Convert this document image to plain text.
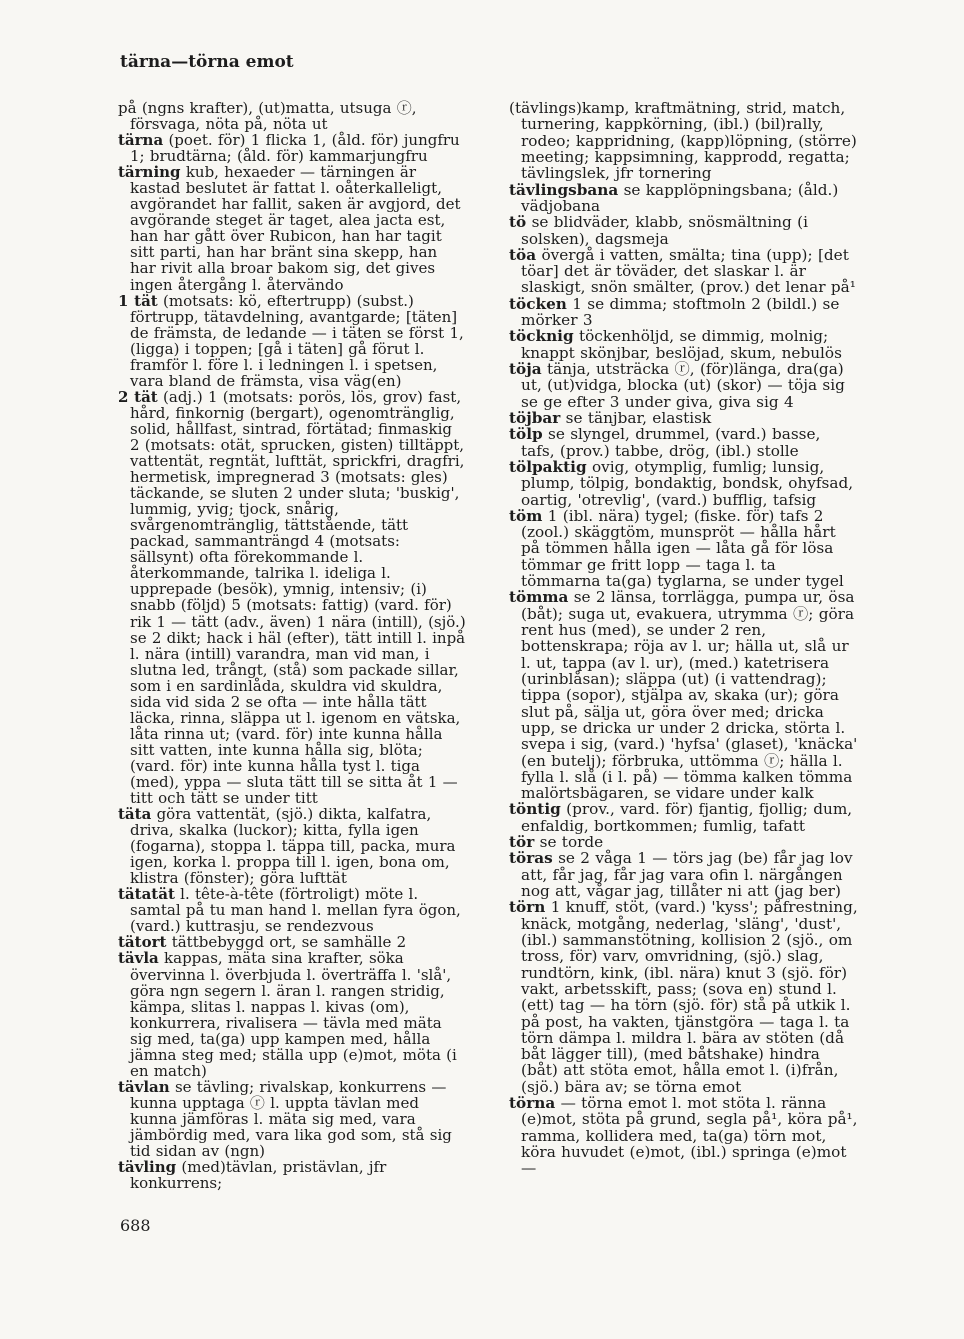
tärna—törna emot

på (ngns krafter), (ut)matta, utsuga ⓡ, försvaga, nöta på, nöta ut

tärna (poet. för) 1 flicka 1, (åld. för) jungfru 1; brudtärna; (åld. för) kammarjungfru

tärning kub, hexaeder — tärningen är kastad beslutet är fattat l. oåterkalleligt, avgörandet har fallit, saken är avgjord, det avgörande steget är taget, alea jacta est, han har gått över Rubicon, han har tagit sitt parti, han har bränt sina skepp, han har rivit alla broar bakom sig, det gives ingen återgång l. återvändo

1 tät (motsats: kö, eftertrupp) (subst.) förtrupp, tätavdelning, avantgarde; [täten] de främsta, de ledande — i täten se först 1, (ligga) i toppen; [gå i täten] gå förut l. framför l. före l. i ledningen l. i spetsen, vara bland de främsta, visa väg(en)

2 tät (adj.) 1 (motsats: porös, lös, grov) fast, hård, finkornig (bergart), ogenomtränglig, solid, hållfast, sintrad, förtätad; finmaskig 2 (motsats: otät, sprucken, gisten) tilltäppt, vattentät, regntät, lufttät, sprickfri, dragfri, hermetisk, impregnerad 3 (motsats: gles) täckande, se sluten 2 under sluta; 'buskig', lummig, yvig; tjock, snårig, svårgenomtränglig, tättstående, tätt packad, sammanträngd 4 (motsats: sällsynt) ofta förekommande l. återkommande, talrika l. ideliga l. upprepade (besök), ymnig, intensiv; (i) snabb (följd) 5 (motsats: fattig) (vard. för) rik 1 — tätt (adv., även) 1 nära (intill), (sjö.) se 2 dikt; hack i häl (efter), tätt intill l. inpå l. nära (intill) varandra, man vid man, i slutna led, trångt, (stå) som packade sillar, som i en sardinlåda, skuldra vid skuldra, sida vid sida 2 se ofta — inte hålla tätt läcka, rinna, släppa ut l. igenom en vätska, låta rinna ut; (vard. för) inte kunna hålla sitt vatten, inte kunna hålla sig, blöta; (vard. för) inte kunna hålla tyst l. tiga (med), yppa — sluta tätt till se sitta åt 1 — titt och tätt se under titt

täta göra vattentät, (sjö.) dikta, kalfatra, driva, skalka (luckor); kitta, fylla igen (fogarna), stoppa l. täppa till, packa, mura igen, korka l. proppa till l. igen, bona om, klistra (fönster); göra lufttät

tätatät l. tête-à-tête (förtroligt) möte l. samtal på tu man hand l. mellan fyra ögon, (vard.) kuttrasju, se rendezvous

tätort tättbebyggd ort, se samhälle 2

tävla kappas, mäta sina krafter, söka övervinna l. överbjuda l. överträffa l. 'slå', göra ngn segern l. äran l. rangen stridig, kämpa, slitas l. nappas l. kivas (om), konkurrera, rivalisera — tävla med mäta sig med, ta(ga) upp kampen med, hålla jämna steg med; ställa upp (e)mot, möta (i en match)

tävlan se tävling; rivalskap, konkurrens — kunna upptaga ⓡ l. uppta tävlan med kunna jämföras l. mäta sig med, vara jämbördig med, vara lika god som, stå sig tid sidan av (ngn)

tävling (med)tävlan, pristävlan, jfr konkurrens;

(tävlings)kamp, kraftmätning, strid, match, turnering, kappkörning, (ibl.) (bil)rally, rodeo; kappridning, (kapp)löpning, (större) meeting; kappsimning, kapprodd, regatta; tävlingslek, jfr tornering

tävlingsbana se kapplöpningsbana; (åld.) vädjobana

tö se blidväder, klabb, snösmältning (i solsken), dagsmeja

töa övergå i vatten, smälta; tina (upp); [det töar] det är töväder, det slaskar l. är slaskigt, snön smälter, (prov.) det lenar på¹

töcken 1 se dimma; stoftmoln 2 (bildl.) se mörker 3

töcknig töckenhöljd, se dimmig, molnig; knappt skönjbar, beslöjad, skum, nebulös

töja tänja, utsträcka ⓡ, (för)länga, dra(ga) ut, (ut)vidga, blocka (ut) (skor) — töja sig se ge efter 3 under giva, giva sig 4

töjbar se tänjbar, elastisk

tölp se slyngel, drummel, (vard.) basse, tafs, (prov.) tabbe, drög, (ibl.) stolle

tölpaktig ovig, otymplig, fumlig; lunsig, plump, tölpig, bondaktig, bondsk, ohyfsad, oartig, 'otrevlig', (vard.) bufflig, tafsig

töm 1 (ibl. nära) tygel; (fiske. för) tafs 2 (zool.) skäggtöm, munspröt — hålla hårt på tömmen hålla igen — låta gå för lösa tömmar ge fritt lopp — taga l. ta tömmarna ta(ga) tyglarna, se under tygel

tömma se 2 länsa, torrlägga, pumpa ur, ösa (båt); suga ut, evakuera, utrymma ⓡ; göra rent hus (med), se under 2 ren, bottenskrapa; röja av l. ur; hälla ut, slå ur l. ut, tappa (av l. ur), (med.) katetrisera (urinblåsan); släppa (ut) (i vattendrag); tippa (sopor), stjälpa av, skaka (ur); göra slut på, sälja ut, göra över med; dricka upp, se dricka ur under 2 dricka, störta l. svepa i sig, (vard.) 'hyfsa' (glaset), 'knäcka' (en butelj); förbruka, uttömma ⓡ; hälla l. fylla l. slå (i l. på) — tömma kalken tömma malörtsbägaren, se vidare under kalk

töntig (prov., vard. för) fjantig, fjollig; dum, enfaldig, bortkommen; fumlig, tafatt

tör se torde

töras se 2 våga 1 — törs jag (be) får jag lov att, får jag, får jag vara ofin l. närgången nog att, vågar jag, tillåter ni att (jag ber)

törn 1 knuff, stöt, (vard.) 'kyss'; påfrestning, knäck, motgång, nederlag, 'släng', 'dust', (ibl.) sammanstötning, kollision 2 (sjö., om tross, för) varv, omvridning, (sjö.) slag, rundtörn, kink, (ibl. nära) knut 3 (sjö. för) vakt, arbetsskift, pass; (sova en) stund l. (ett) tag — ha törn (sjö. för) stå på utkik l. på post, ha vakten, tjänstgöra — taga l. ta törn dämpa l. mildra l. bära av stöten (då båt lägger till), (med båtshake) hindra (båt) att stöta emot, hålla emot l. (i)från, (sjö.) bära av; se törna emot

törna — törna emot l. mot stöta l. ränna (e)mot, stöta på grund, segla på¹, köra på¹, ramma, kollidera med, ta(ga) törn mot, köra huvudet (e)mot, (ibl.) springa (e)mot —

688
